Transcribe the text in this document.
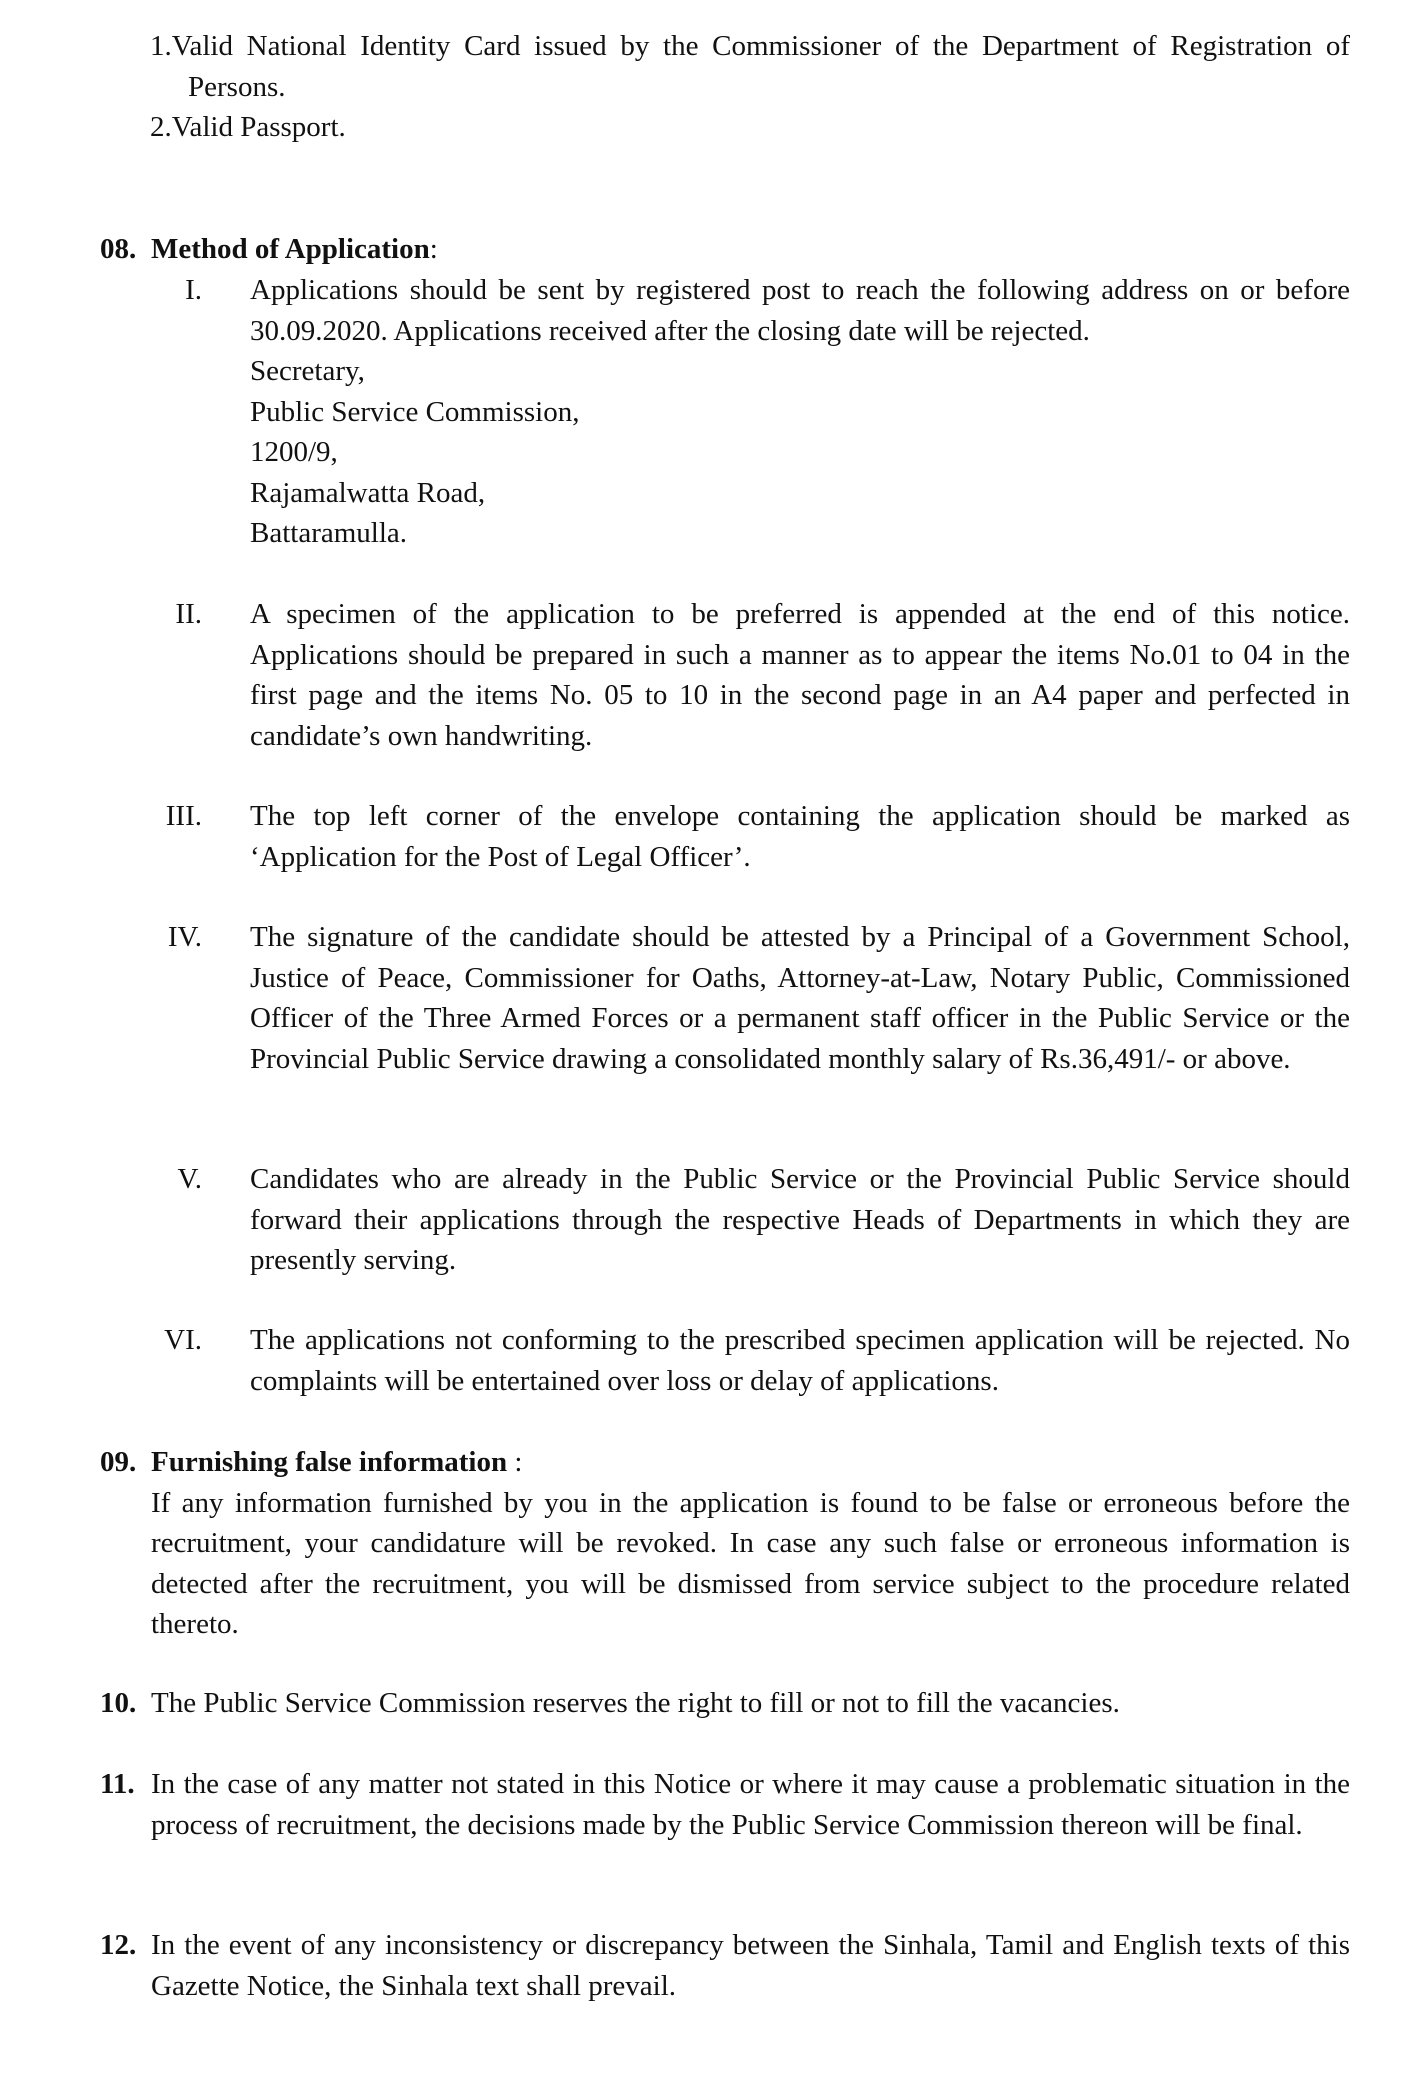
1.Valid National Identity Card issued by the Commissioner of the Department of Registration of Persons.
2.Valid Passport.
08. Method of Application:
I. Applications should be sent by registered post to reach the following address on or before 30.09.2020. Applications received after the closing date will be rejected.
Secretary,
Public Service Commission,
1200/9,
Rajamalwatta Road,
Battaramulla.
II. A specimen of the application to be preferred is appended at the end of this notice. Applications should be prepared in such a manner as to appear the items No.01 to 04 in the first page and the items No. 05 to 10 in the second page in an A4 paper and perfected in candidate’s own handwriting.
III. The top left corner of the envelope containing the application should be marked as ‘Application for the Post of Legal Officer’.
IV. The signature of the candidate should be attested by a Principal of a Government School, Justice of Peace, Commissioner for Oaths, Attorney-at-Law, Notary Public, Commissioned Officer of the Three Armed Forces or a permanent staff officer in the Public Service or the Provincial Public Service drawing a consolidated monthly salary of Rs.36,491/- or above.
V. Candidates who are already in the Public Service or the Provincial Public Service should forward their applications through the respective Heads of Departments in which they are presently serving.
VI. The applications not conforming to the prescribed specimen application will be rejected. No complaints will be entertained over loss or delay of applications.
09. Furnishing false information :
If any information furnished by you in the application is found to be false or erroneous before the recruitment, your candidature will be revoked. In case any such false or erroneous information is detected after the recruitment, you will be dismissed from service subject to the procedure related thereto.
10. The Public Service Commission reserves the right to fill or not to fill the vacancies.
11. In the case of any matter not stated in this Notice or where it may cause a problematic situation in the process of recruitment, the decisions made by the Public Service Commission thereon will be final.
12. In the event of any inconsistency or discrepancy between the Sinhala, Tamil and English texts of this Gazette Notice, the Sinhala text shall prevail.
